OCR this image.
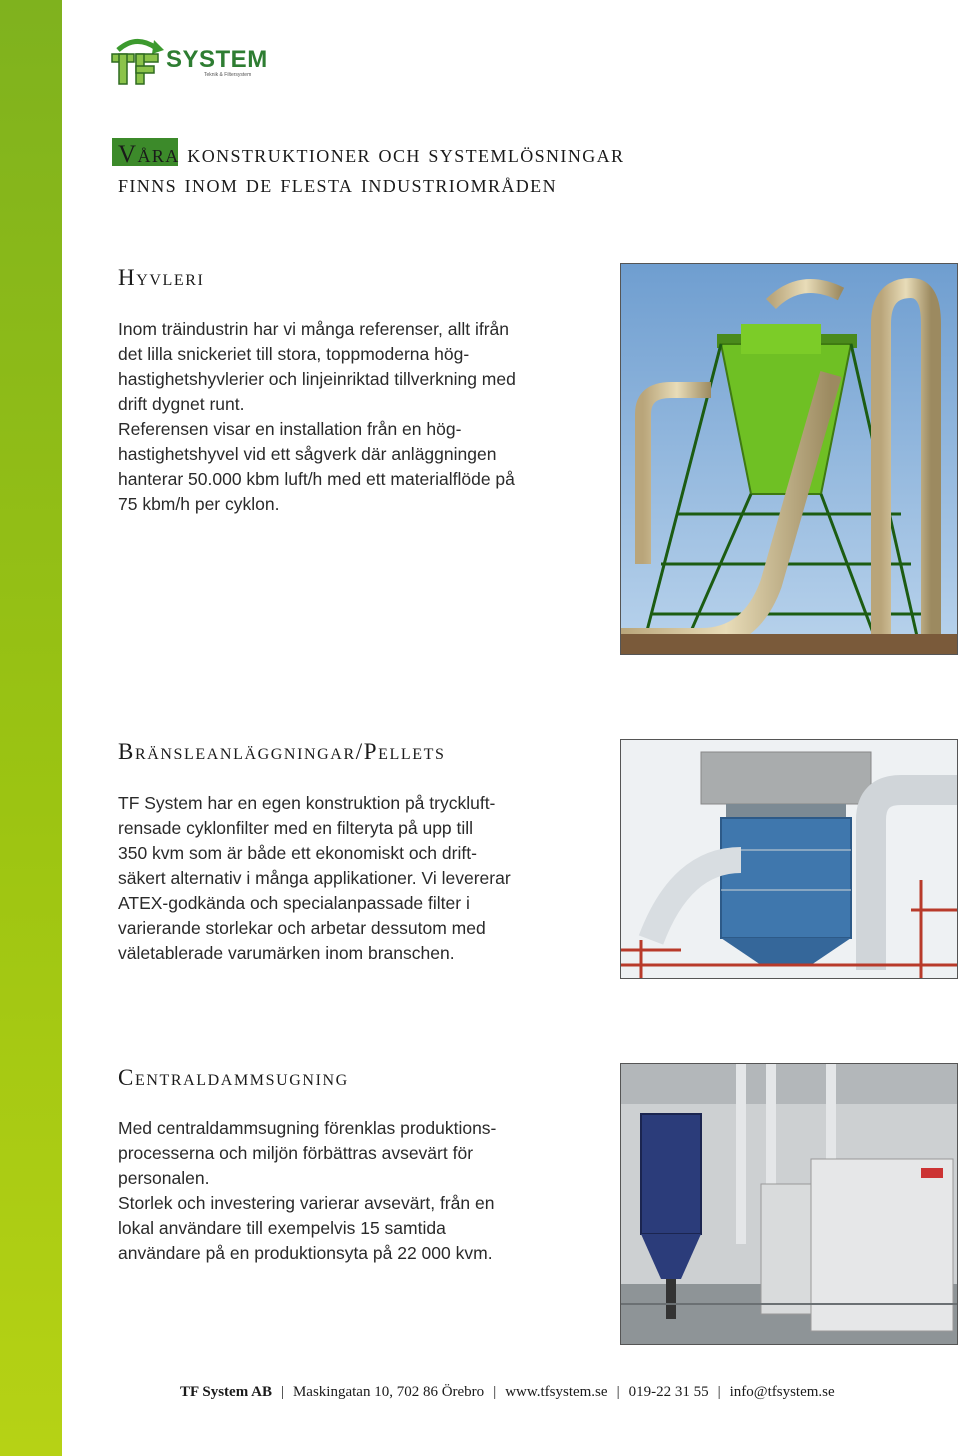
SYSTEM
Teknik & Filtersystem
Våra konstruktioner och systemlösningar
finns inom de flesta industriområden
Hyvleri

Inom träindustrin har vi många referenser, allt ifrån
det lilla snickeriet till stora, toppmoderna hög-
hastighetshyvlerier och linjeinriktad tillverkning med
drift dygnet runt.
Referensen visar en installation från en hög-
hastighetshyvel vid ett sågverk där anläggningen
hanterar 50.000 kbm luft/h med ett materialflöde på
75 kbm/h per cyklon.

Bränsleanläggningar/Pellets

TF System har en egen konstruktion på tryckluft-
rensade cyklonfilter med en filteryta på upp till
350 kvm som är både ett ekonomiskt och drift-
säkert alternativ i många applikationer. Vi levererar
ATEX-godkända och specialanpassade filter i
varierande storlekar och arbetar dessutom med
väletablerade varumärken inom branschen.

Centraldammsugning

Med centraldammsugning förenklas produktions-
processerna och miljön förbättras avsevärt för
personalen.
Storlek och investering varierar avsevärt, från en
lokal användare till exempelvis 15 samtida
användare på en produktionsyta på 22 000 kvm.

TF System AB | Maskingatan 10, 702 86 Örebro | www.tfsystem.se | 019-22 31 55 | info@tfsystem.se
